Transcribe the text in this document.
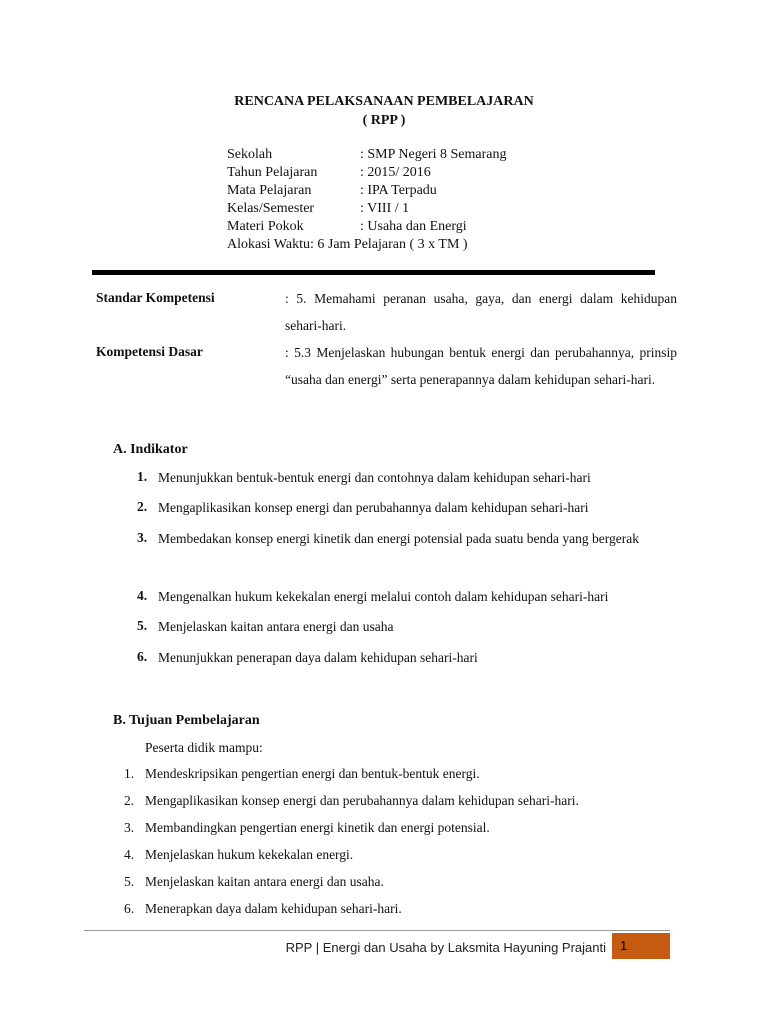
RENCANA PELAKSANAAN PEMBELAJARAN
( RPP )
Sekolah	: SMP Negeri 8 Semarang
Tahun Pelajaran	: 2015/ 2016
Mata Pelajaran	: IPA Terpadu
Kelas/Semester	: VIII / 1
Materi Pokok	: Usaha dan Energi
Alokasi Waktu: 6 Jam Pelajaran ( 3 x TM )
Standar Kompetensi	: 5. Memahami peranan usaha, gaya, dan energi dalam kehidupan sehari-hari.
Kompetensi Dasar	: 5.3 Menjelaskan hubungan bentuk energi dan perubahannya, prinsip “usaha dan energi” serta penerapannya dalam kehidupan sehari-hari.
A. Indikator
1. Menunjukkan bentuk-bentuk energi dan contohnya dalam kehidupan sehari-hari
2. Mengaplikasikan konsep energi dan perubahannya dalam kehidupan sehari-hari
3. Membedakan konsep energi kinetik dan energi potensial pada suatu benda yang bergerak
4. Mengenalkan hukum kekekalan energi melalui contoh dalam kehidupan sehari-hari
5. Menjelaskan kaitan antara energi dan usaha
6. Menunjukkan penerapan daya dalam kehidupan sehari-hari
B. Tujuan Pembelajaran
Peserta didik mampu:
1. Mendeskripsikan pengertian energi dan bentuk-bentuk energi.
2. Mengaplikasikan konsep energi dan perubahannya dalam kehidupan sehari-hari.
3. Membandingkan pengertian energi kinetik dan energi potensial.
4. Menjelaskan hukum kekekalan energi.
5. Menjelaskan kaitan antara energi dan usaha.
6. Menerapkan daya dalam kehidupan sehari-hari.
RPP | Energi dan Usaha by Laksmita Hayuning Prajanti 1
